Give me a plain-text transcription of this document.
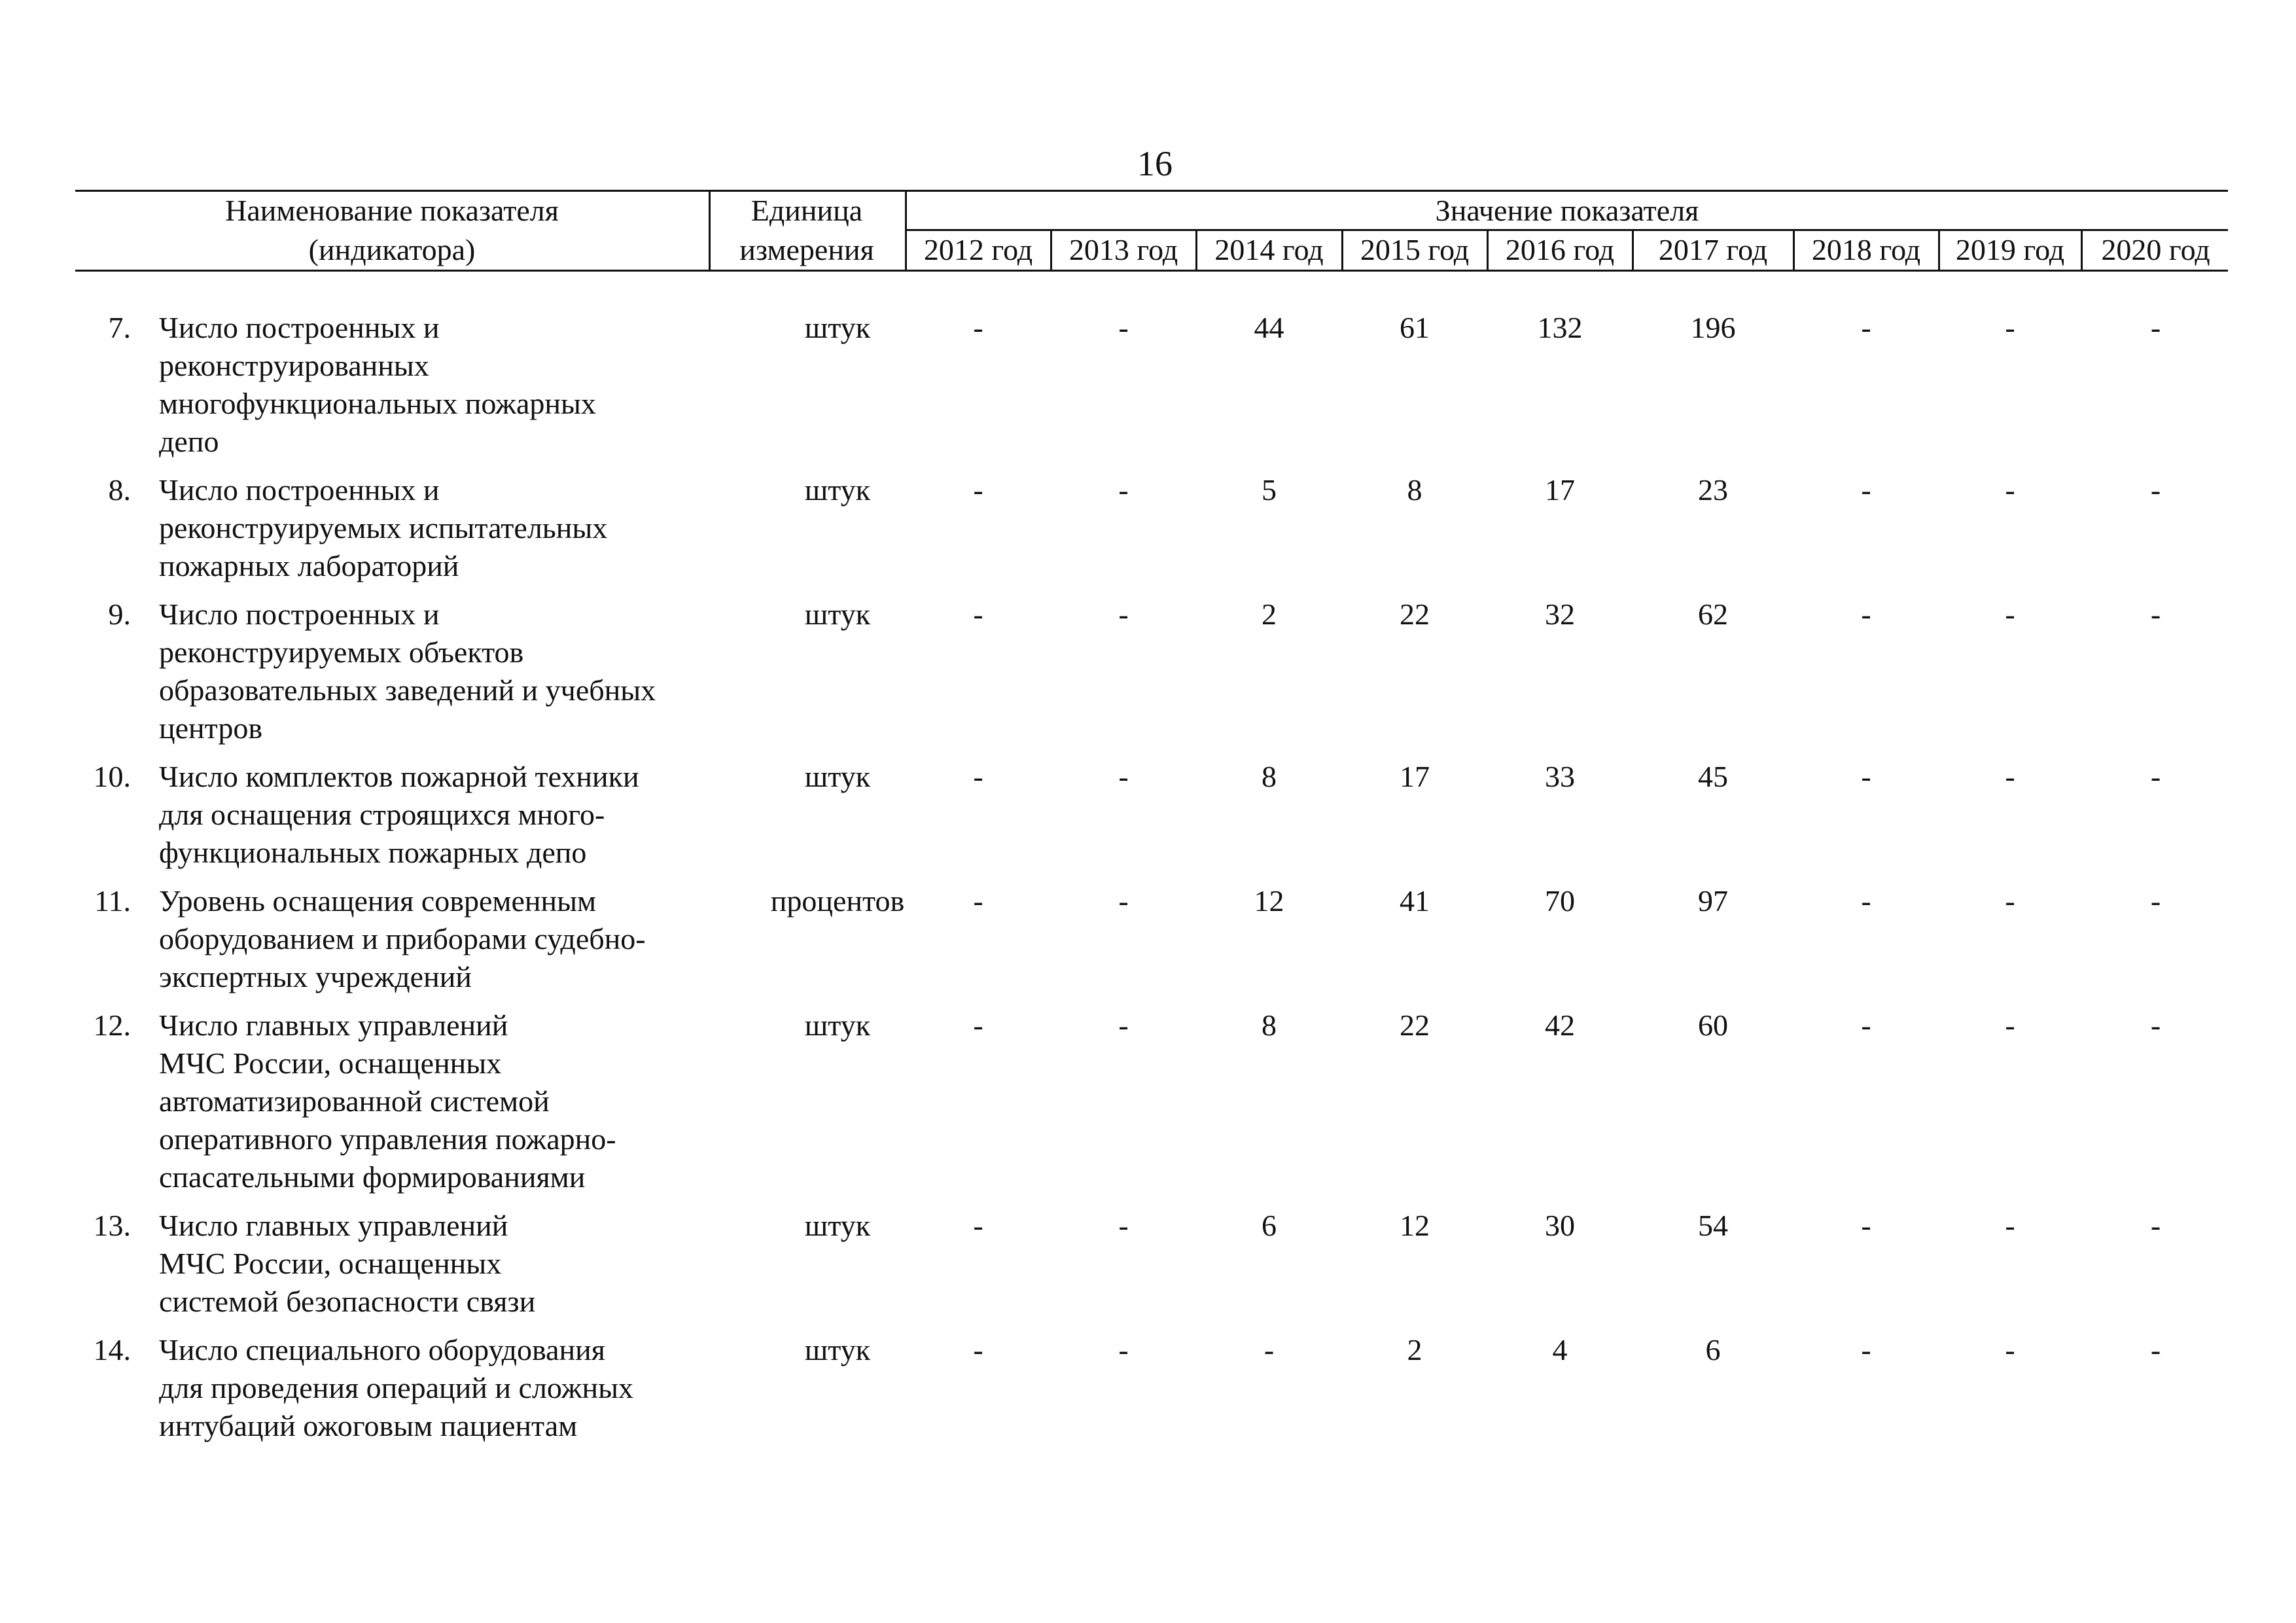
16
Наименование показателя
(индикатора)
Единица
измерения
Значение показателя
2012 год	2013 год	2014 год	2015 год	2016 год	2017 год	2018 год	2019 год	2020 год
7. Число построенных и
реконструированных
многофункциональных пожарных
депо
штук	-	-	44	61	132	196	-	-	-
8. Число построенных и
реконструируемых испытательных
пожарных лабораторий
штук	-	-	5	8	17	23	-	-	-
9. Число построенных и
реконструируемых объектов
образовательных заведений и учебных
центров
штук	-	-	2	22	32	62	-	-	-
10. Число комплектов пожарной техники
для оснащения строящихся много-
функциональных пожарных депо
штук	-	-	8	17	33	45	-	-	-
11. Уровень оснащения современным
оборудованием и приборами судебно-
экспертных учреждений
процентов	-	-	12	41	70	97	-	-	-
12. Число главных управлений
МЧС России, оснащенных
автоматизированной системой
оперативного управления пожарно-
спасательными формированиями
штук	-	-	8	22	42	60	-	-	-
13. Число главных управлений
МЧС России, оснащенных
системой безопасности связи
штук	-	-	6	12	30	54	-	-	-
14. Число специального оборудования
для проведения операций и сложных
интубаций ожоговым пациентам
штук	-	-	-	2	4	6	-	-	-
